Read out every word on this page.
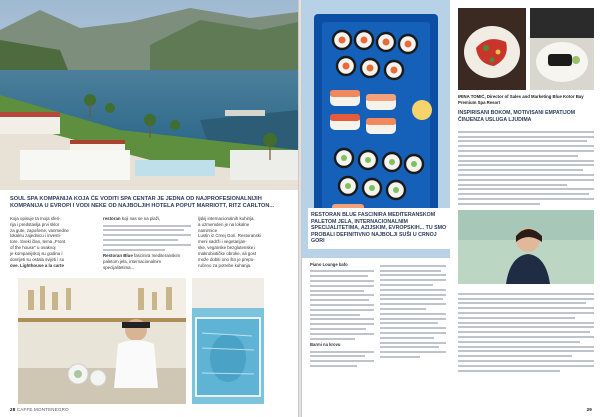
SOUL SPA KOMPANIJA KOJA ĆE VODITI SPA CENTAR JE JEDNA OD NAJPROFESIONALNIJIH KOMPANIJA U EVROPI I VODI NEKE OD NAJBOLJIH HOTELA POPUT MARRIOTT, RITZ CARLTON...
Koja opisuje ta moja sferi-
rija i predstavlja prvi sklor
za gute, zapošene, vanmedne
lokalnu zajednicu i investi-
tore. Sveki član, tema „Front
of the house" u ovakvoj
je kompanijskoj su godinu i
dovrijeti su ostala svijeti i su
ove. Lighthouse a la carte
restoran koji nas se na plaži,
Restoran Blue fascinira mediteranskim paletom jela, internacionalnim specijalitetima...
ijskij internacionalnih kuhinja,
a uzmemden je na lokalne
namirnice
Lustin iz Crnej Gori. Restoranski
meni sadrži i vegetarijan-
ske, veganske bezglutenske i
makrobiotičke obroke, ali gost
može dobiti ono što je prepo-
ručeno za potrebe kuhanja.
28 CAFFE MONTENEGRO
IRINA TOMIĆ, Director of Sales and Marketing Blue Kotor Bay Premium Spa Resort
INSPIRISANI BOKOM, MOTIVISANI EMPATIJOM ČINJENZA USLUGA LJUDIMA
RESTORAN BLUE FASCINIRA MEDITERANSKOM PALETOM JELA, INTERNACIONALNIM SPECIJALITETIMA, AZIJSKIM, EVROPSKIH... TU SMO PROBALI DEFINITIVNO NAJBOLJI SUŠI U CRNOJ GORI
Piano Lounge bafo
Barmi na krovu
29
